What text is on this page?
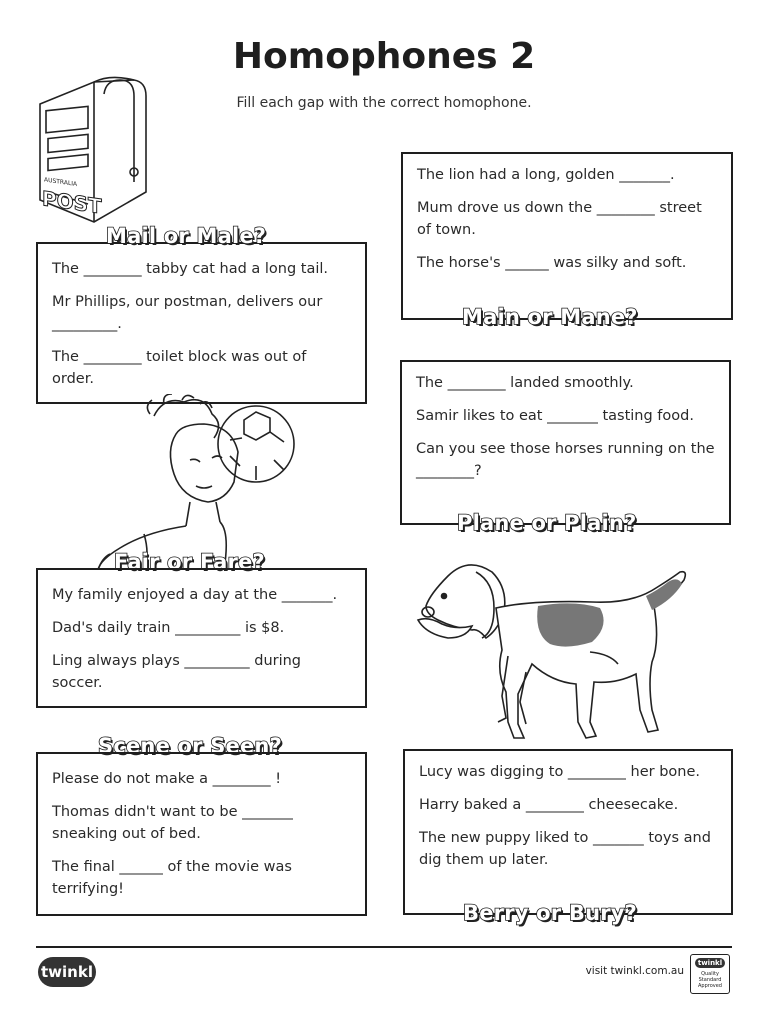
Homophones 2
Fill each gap with the correct homophone.
POST
AUSTRALIA

The ________ tabby cat had a long tail.

Mr Phillips, our postman, delivers our _________.

The ________ toilet block was out of order.

Mail or Male?

The lion had a long, golden _______.

Mum drove us down the ________ street of town.

The horse's ______ was silky and soft.

Main or Mane?

The ________ landed smoothly.

Samir likes to eat _______ tasting food.

Can you see those horses running on the ________?

Plane or Plain?
Fair or Fare?

My family enjoyed a day at the _______.

Dad's daily train _________ is $8.

Ling always plays _________ during soccer.

Scene or Seen?

Please do not make a ________ !

Thomas didn't want to be _______ sneaking out of bed.

The final ______ of the movie was terrifying!

Lucy was digging to ________ her bone.

Harry baked a ________ cheesecake.

The new puppy liked to _______ toys and dig them up later.

Berry or Bury?
twinkl	visit twinkl.com.au
twinkl
Quality Standard Approved
